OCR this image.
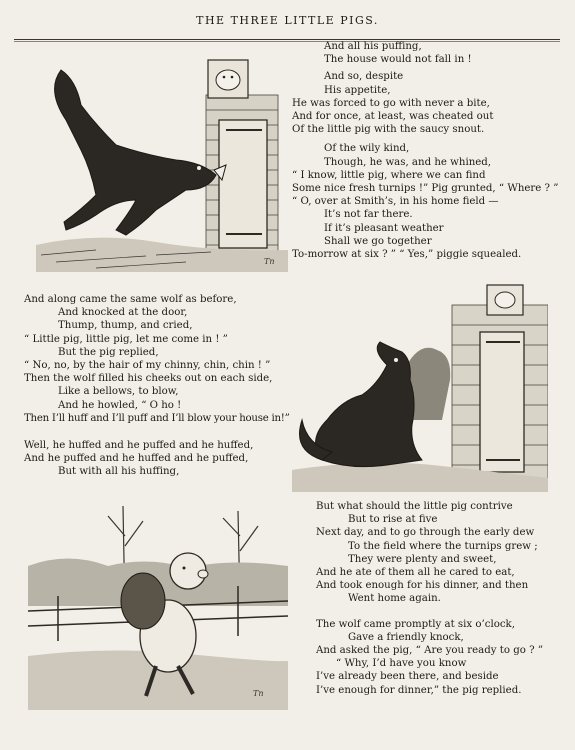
THE THREE LITTLE PIGS.
Tn
And all his puffing,
The house would not fall in !
And so, despite
His appetite,
He was forced to go with never a bite,
And for once, at least, was cheated out
Of the little pig with the saucy snout.
Of the wily kind,
Though, he was, and he whined,
“ I know, little pig, where we can find
Some nice fresh turnips !” Pig grunted, “ Where ? ”
“ O, over at Smith’s, in his home field —
It’s not far there.
If it’s pleasant weather
Shall we go together
To-morrow at six ? ” “ Yes,” piggie squealed.
And along came the same wolf as before,
And knocked at the door,
Thump, thump, and cried,
“ Little pig, little pig, let me come in ! ”
But the pig replied,
“ No, no, by the hair of my chinny, chin, chin ! ”
Then the wolf filled his cheeks out on each side,
Like a bellows, to blow,
And he howled, “ O ho !
Then I’ll huff and I’ll puff and I’ll blow your house in!”
Well, he huffed and he puffed and he huffed,
And he puffed and he huffed and he puffed,
But with all his huffing,
Tn
But what should the little pig contrive
But to rise at five
Next day, and to go through the early dew
To the field where the turnips grew ;
They were plenty and sweet,
And he ate of them all he cared to eat,
And took enough for his dinner, and then
Went home again.
The wolf came promptly at six o’clock,
Gave a friendly knock,
And asked the pig, “ Are you ready to go ? ”
“ Why, I’d have you know
I’ve already been there, and beside
I’ve enough for dinner,” the pig replied.
